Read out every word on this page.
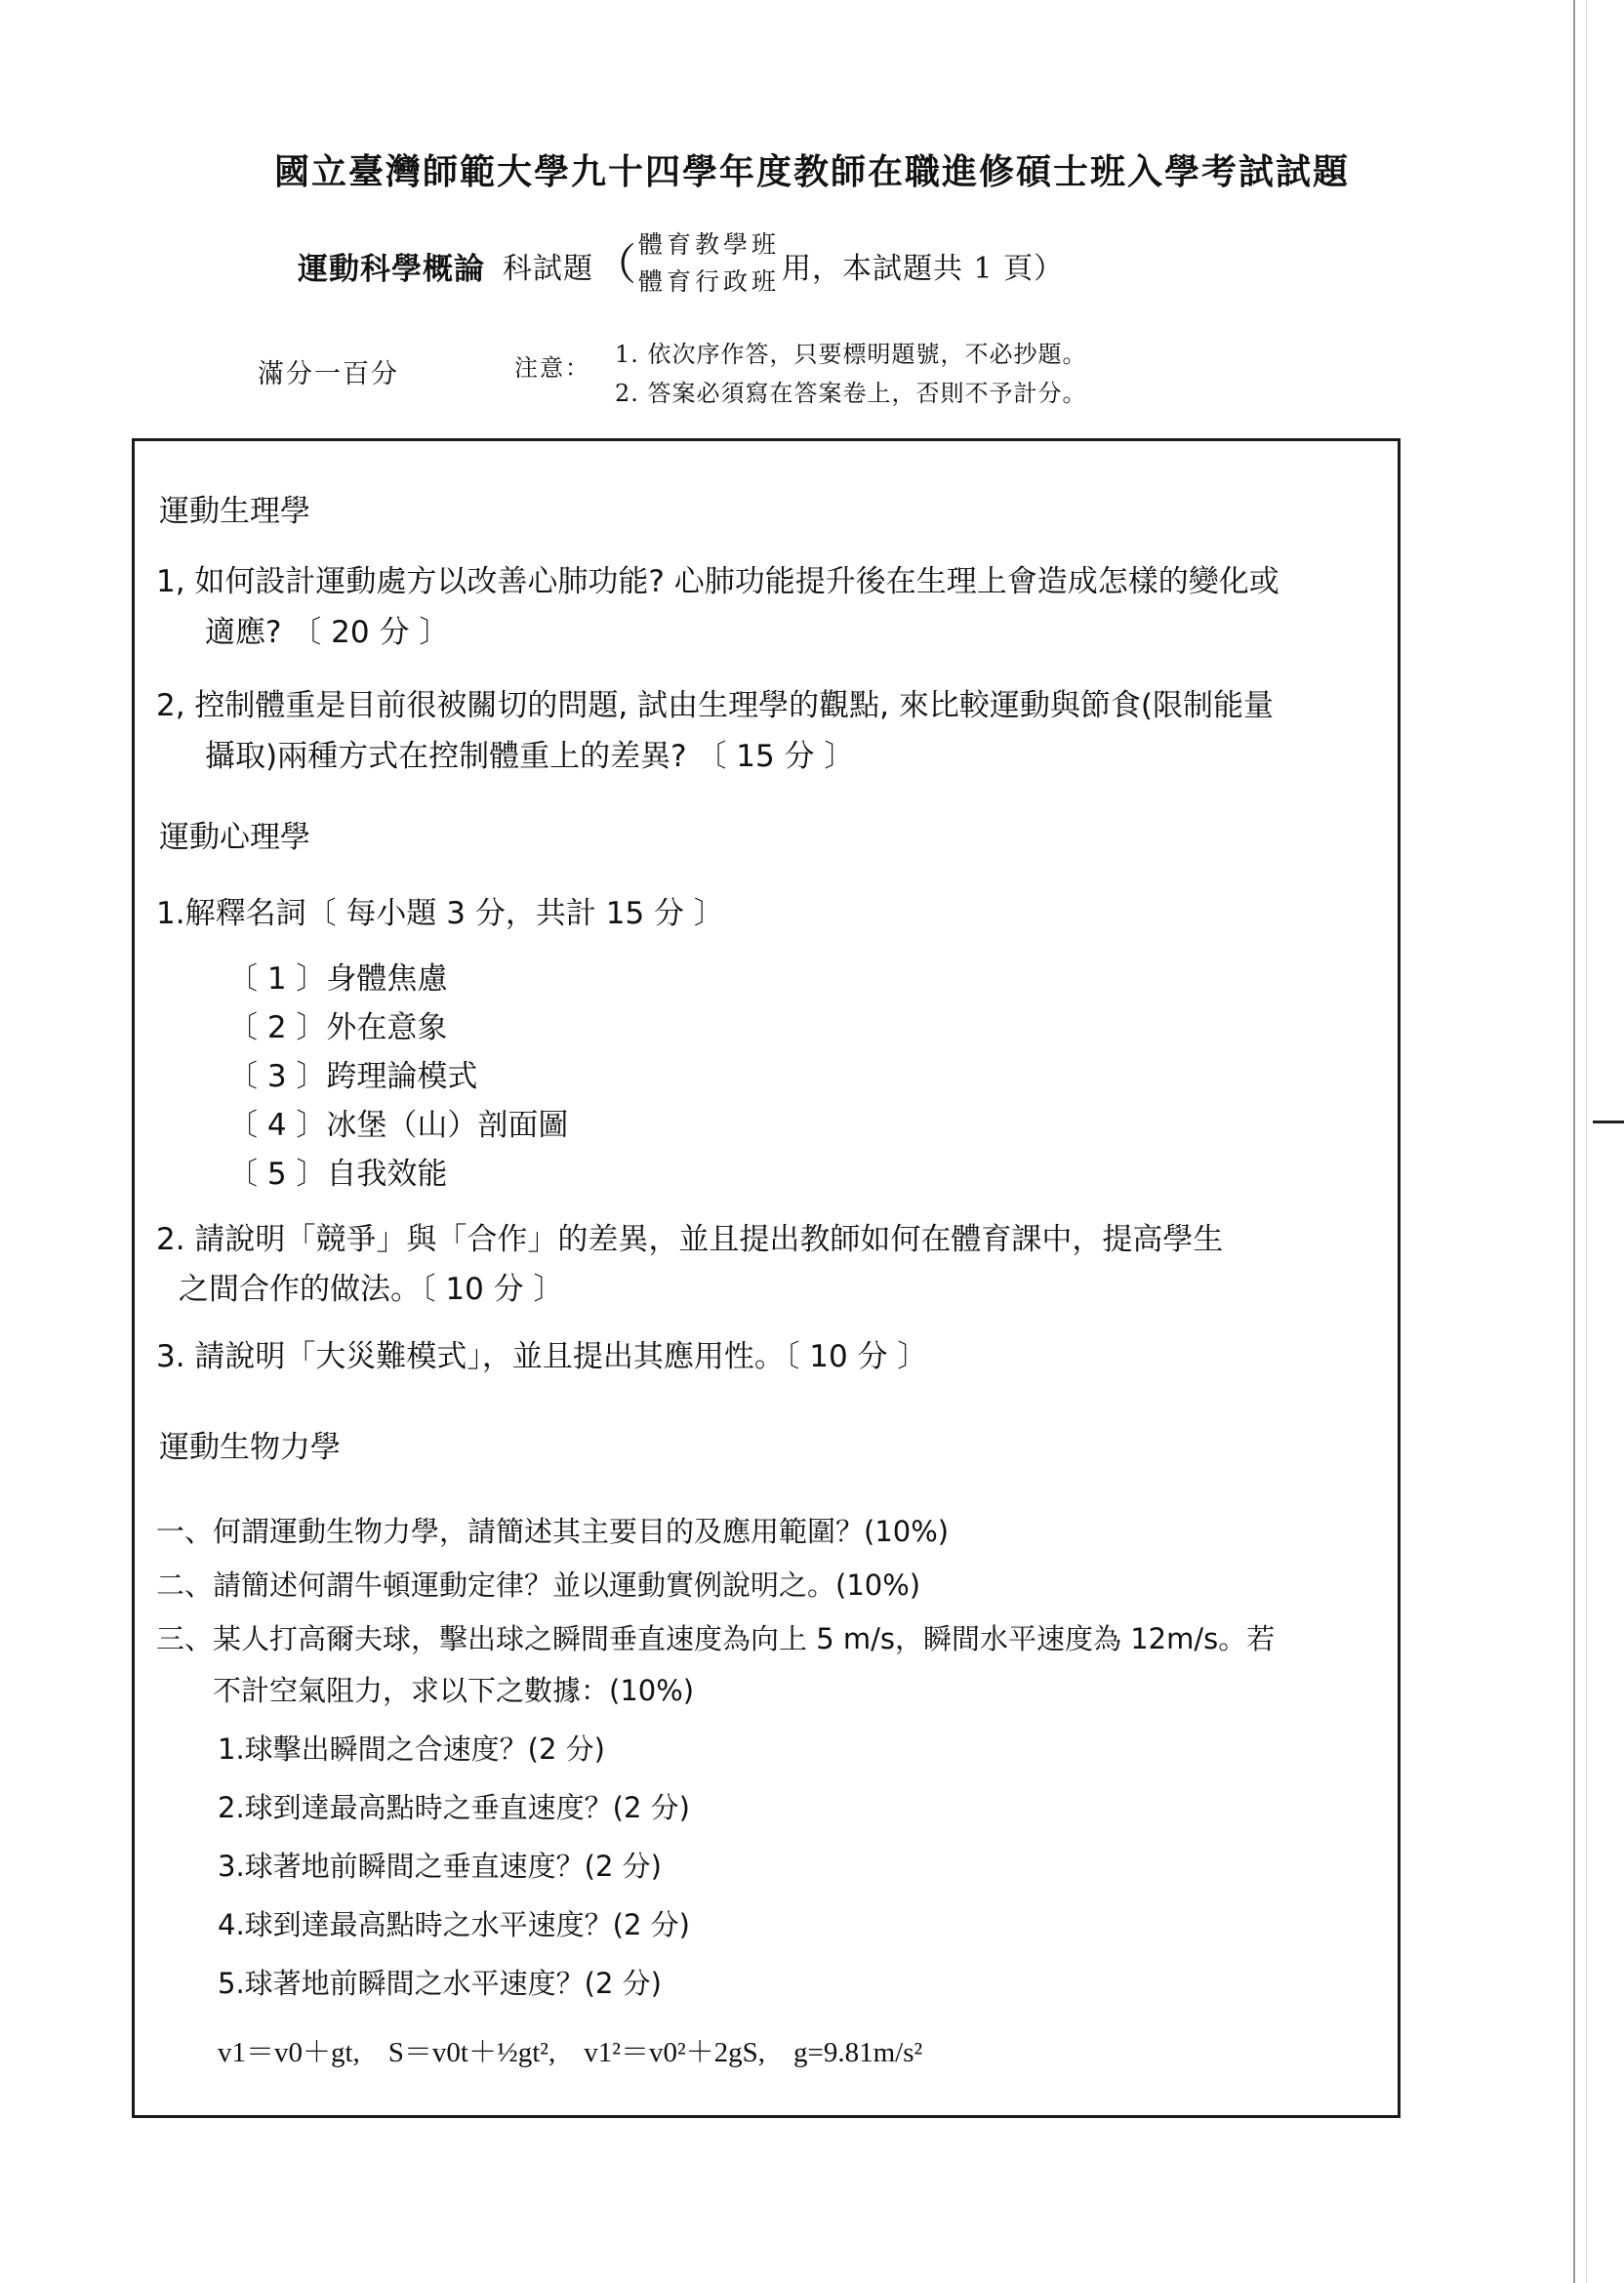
國立臺灣師範大學九十四學年度教師在職進修碩士班入學考試試題
運動科學概論 科試題 （ 體育教學班
體育行政班 用，本試題共 1 頁）
滿分一百分	注意： 1. 依次序作答，只要標明題號，不必抄題。
2. 答案必須寫在答案卷上，否則不予計分。
運動生理學
1, 如何設計運動處方以改善心肺功能? 心肺功能提升後在生理上會造成怎樣的變化或
適應? 〔 20 分 〕
2, 控制體重是目前很被關切的問題, 試由生理學的觀點, 來比較運動與節食(限制能量
攝取)兩種方式在控制體重上的差異? 〔 15 分 〕
運動心理學
1.解釋名詞〔 每小題 3 分，共計 15 分 〕
〔 1 〕身體焦慮
〔 2 〕外在意象
〔 3 〕跨理論模式
〔 4 〕冰堡（山）剖面圖
〔 5 〕自我效能
2. 請說明「競爭」與「合作」的差異，並且提出教師如何在體育課中，提高學生
之間合作的做法。〔 10 分 〕
3. 請說明「大災難模式」，並且提出其應用性。〔 10 分 〕
運動生物力學
一、何謂運動生物力學，請簡述其主要目的及應用範圍？(10%)
二、請簡述何謂牛頓運動定律？並以運動實例說明之。(10%)
三、某人打高爾夫球，擊出球之瞬間垂直速度為向上 5 m/s，瞬間水平速度為 12m/s。若
不計空氣阻力，求以下之數據：(10%)
1.球擊出瞬間之合速度？(2 分)
2.球到達最高點時之垂直速度？(2 分)
3.球著地前瞬間之垂直速度？(2 分)
4.球到達最高點時之水平速度？(2 分)
5.球著地前瞬間之水平速度？(2 分)
v1＝v0＋gt,    S＝v0t＋½gt²,    v1²＝v0²＋2gS,    g=9.81m/s²
